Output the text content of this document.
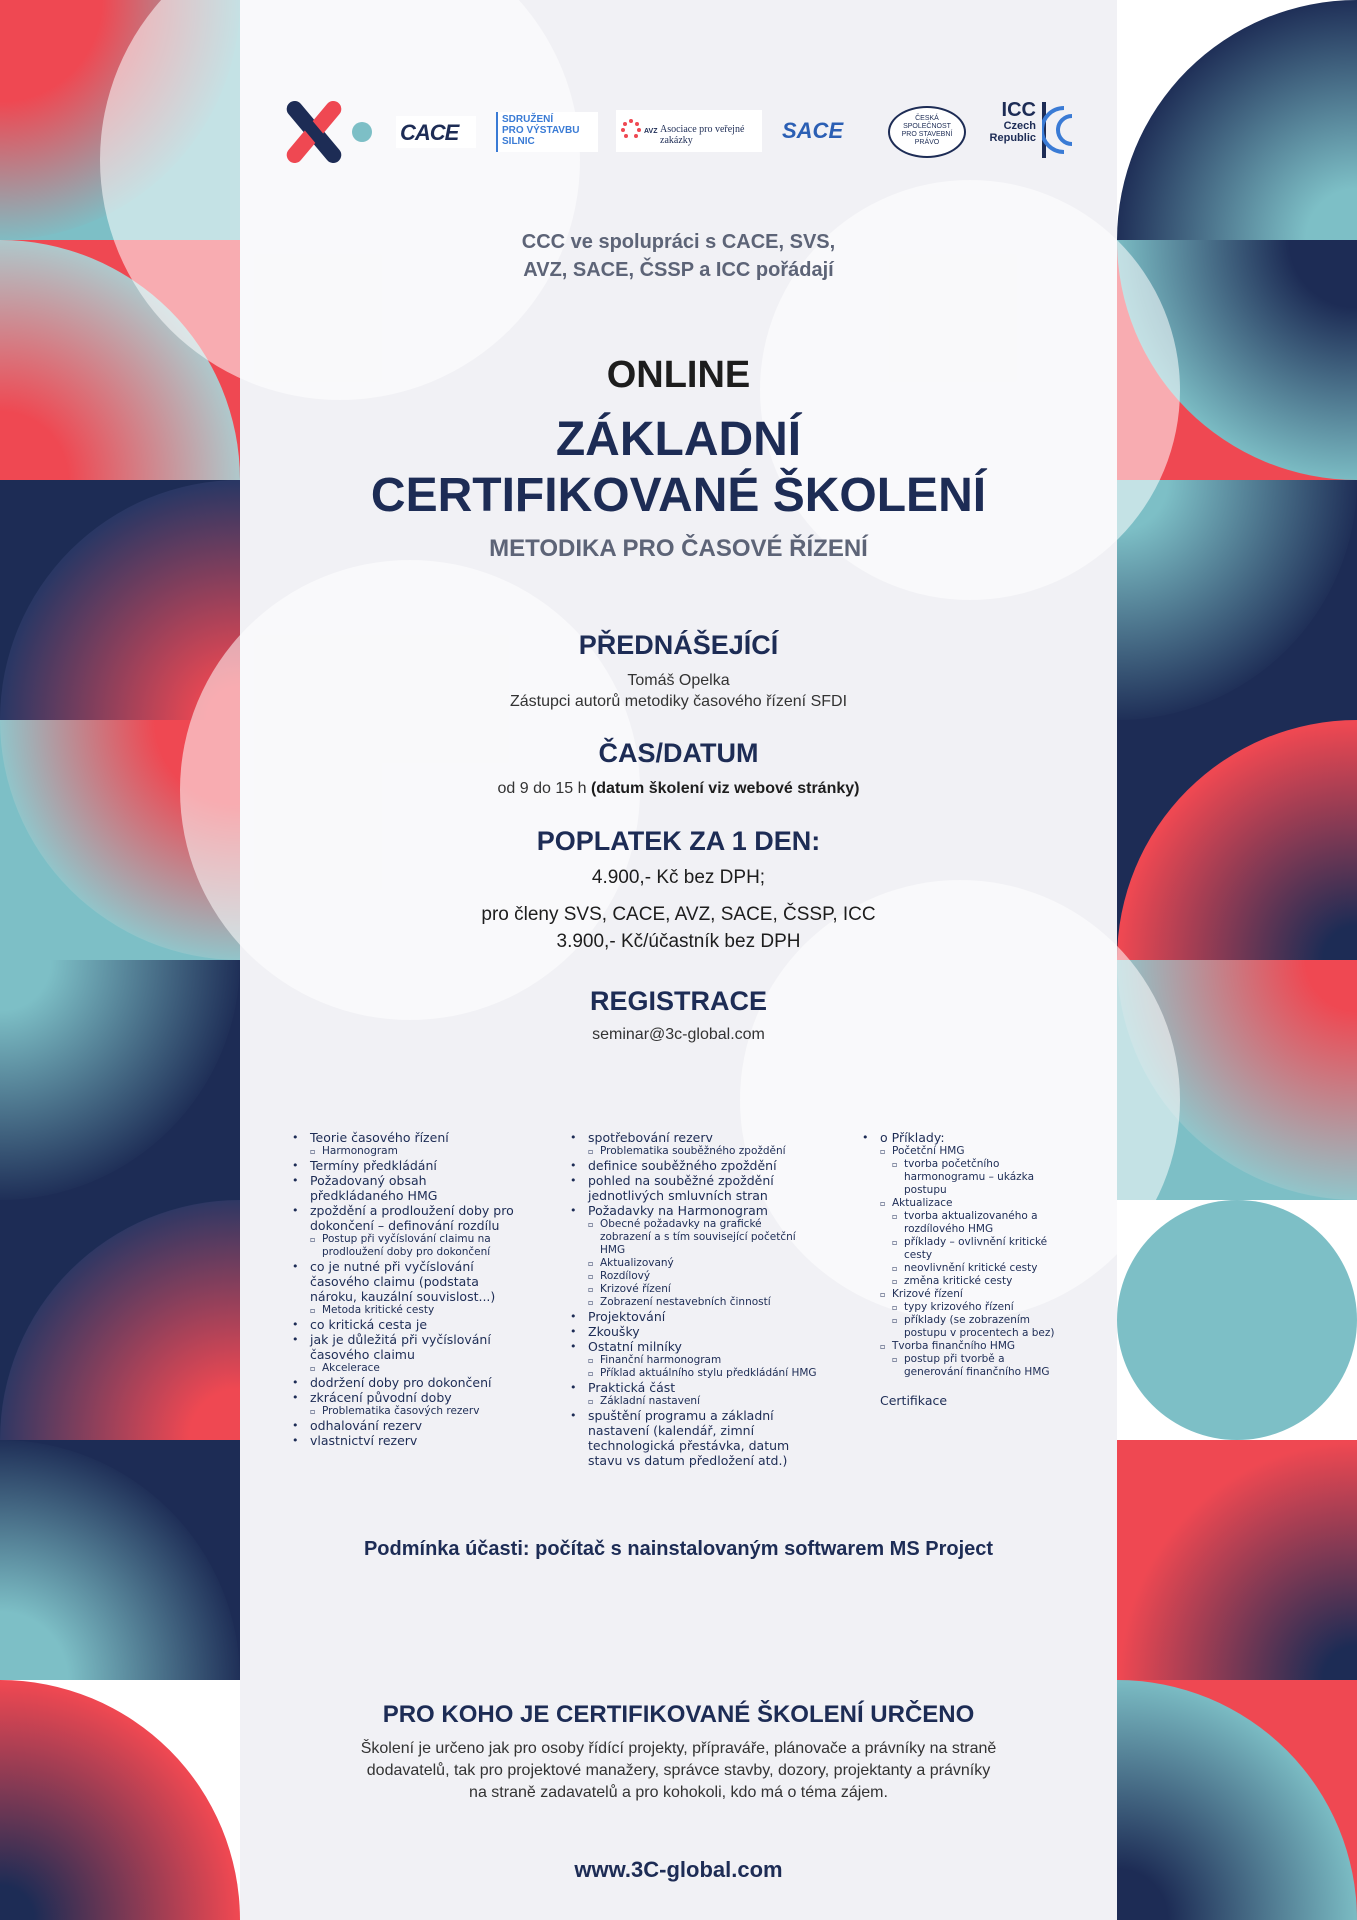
CACE
SDRUŽENÍ
PRO VÝSTAVBU
SILNIC
AVZ Asociace pro veřejné zakázky	SACE	ČESKÁ
SPOLEČNOST
PRO STAVEBNÍ
PRÁVO
ICC
Czech
Republic
CCC ve spolupráci s CACE, SVS,
AVZ, SACE, ČSSP a ICC pořádají
ONLINE
ZÁKLADNÍ
CERTIFIKOVANÉ ŠKOLENÍ
METODIKA PRO ČASOVÉ ŘÍZENÍ
PŘEDNÁŠEJÍCÍ
Tomáš Opelka
Zástupci autorů metodiky časového řízení SFDI
ČAS/DATUM
od 9 do 15 h (datum školení viz webové stránky)
POPLATEK ZA 1 DEN:
4.900,- Kč bez DPH;
pro členy SVS, CACE, AVZ, SACE, ČSSP, ICC
3.900,- Kč/účastník bez DPH
REGISTRACE
seminar@3c-global.com
• Teorie časového řízení
▫ Harmonogram
• Termíny předkládání
• Požadovaný obsah
předkládaného HMG
• zpoždění a prodloužení doby pro
dokončení – definování rozdílu
▫ Postup při vyčíslování claimu na
prodloužení doby pro dokončení
• co je nutné při vyčíslování
časového claimu (podstata
nároku, kauzální souvislost...)
▫ Metoda kritické cesty
• co kritická cesta je
• jak je důležitá při vyčíslování
časového claimu
▫ Akcelerace
• dodržení doby pro dokončení
• zkrácení původní doby
▫ Problematika časových rezerv
• odhalování rezerv
• vlastnictví rezerv
• spotřebování rezerv
▫ Problematika souběžného zpoždění
• definice souběžného zpoždění
• pohled na souběžné zpoždění
jednotlivých smluvních stran
• Požadavky na Harmonogram
▫ Obecné požadavky na grafické
zobrazení a s tím související početční
HMG
▫ Aktualizovaný
▫ Rozdílový
▫ Krizové řízení
▫ Zobrazení nestavebních činností
• Projektování
• Zkoušky
• Ostatní milníky
▫ Finanční harmonogram
▫ Příklad aktuálního stylu předkládání HMG
• Praktická část
▫ Základní nastavení
• spuštění programu a základní
nastavení (kalendář, zimní
technologická přestávka, datum
stavu vs datum předložení atd.)
• o Příklady:
▫ Početční HMG
▫ tvorba početčního
harmonogramu – ukázka
postupu
▫ Aktualizace
▫ tvorba aktualizovaného a
rozdílového HMG
▫ příklady – ovlivnění kritické
cesty
▫ neovlivnění kritické cesty
▫ změna kritické cesty
▫ Krizové řízení
▫ typy krizového řízení
▫ příklady (se zobrazením
postupu v procentech a bez)
▫ Tvorba finančního HMG
▫ postup při tvorbě a
generování finančního HMG
Certifikace
Podmínka účasti: počítač s nainstalovaným softwarem MS Project
PRO KOHO JE CERTIFIKOVANÉ ŠKOLENÍ URČENO
Školení je určeno jak pro osoby řídící projekty, přípraváře, plánovače a právníky na straně
dodavatelů, tak pro projektové manažery, správce stavby, dozory, projektanty a právníky
na straně zadavatelů a pro kohokoli, kdo má o téma zájem.
www.3C-global.com
